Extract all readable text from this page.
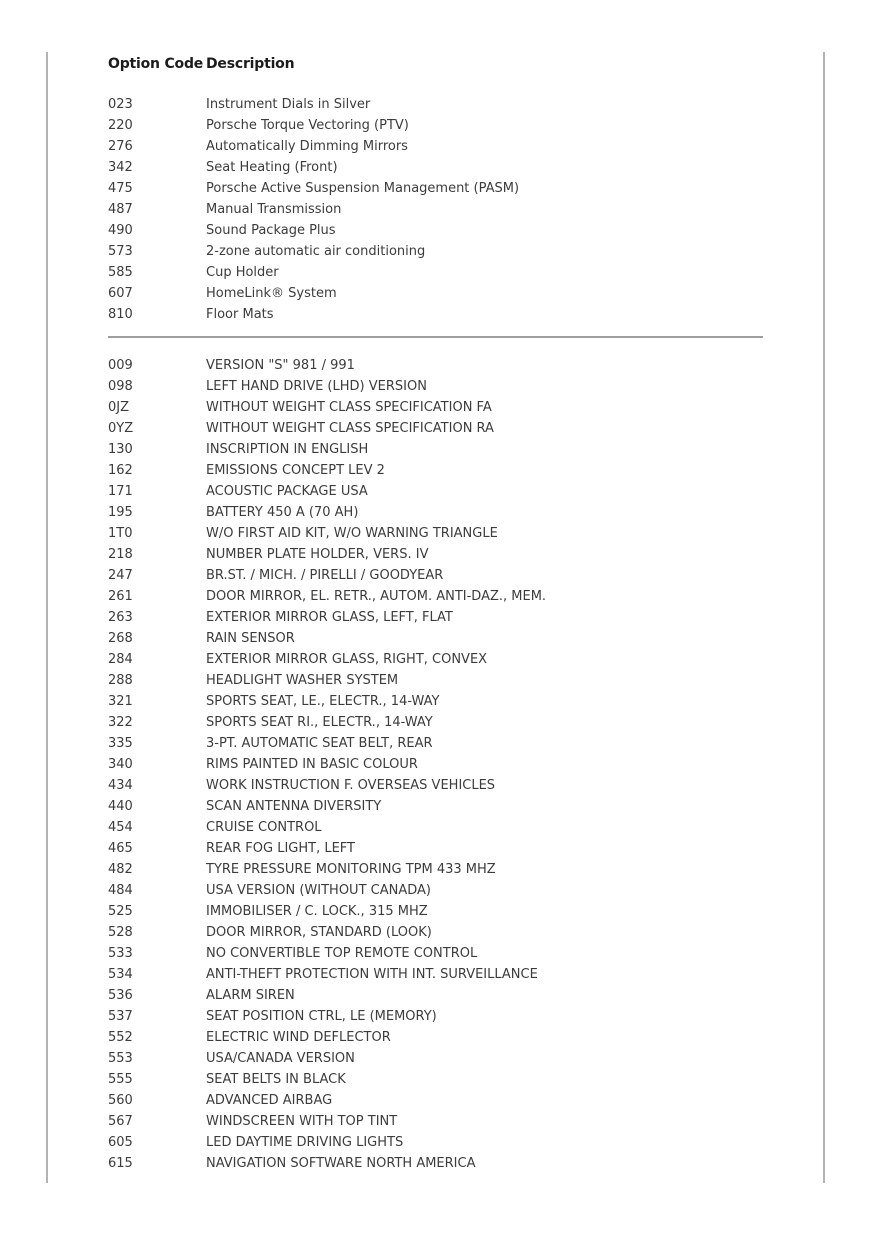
Option Code Description
023	Instrument Dials in Silver
220	Porsche Torque Vectoring (PTV)
276	Automatically Dimming Mirrors
342	Seat Heating (Front)
475	Porsche Active Suspension Management (PASM)
487	Manual Transmission
490	Sound Package Plus
573	2-zone automatic air conditioning
585	Cup Holder
607	HomeLink® System
810	Floor Mats
009	VERSION "S" 981 / 991
098	LEFT HAND DRIVE (LHD) VERSION
0JZ	WITHOUT WEIGHT CLASS SPECIFICATION FA
0YZ	WITHOUT WEIGHT CLASS SPECIFICATION RA
130	INSCRIPTION IN ENGLISH
162	EMISSIONS CONCEPT LEV 2
171	ACOUSTIC PACKAGE USA
195	BATTERY 450 A (70 AH)
1T0	W/O FIRST AID KIT, W/O WARNING TRIANGLE
218	NUMBER PLATE HOLDER, VERS. IV
247	BR.ST. / MICH. / PIRELLI / GOODYEAR
261	DOOR MIRROR, EL. RETR., AUTOM. ANTI-DAZ., MEM.
263	EXTERIOR MIRROR GLASS, LEFT, FLAT
268	RAIN SENSOR
284	EXTERIOR MIRROR GLASS, RIGHT, CONVEX
288	HEADLIGHT WASHER SYSTEM
321	SPORTS SEAT, LE., ELECTR., 14-WAY
322	SPORTS SEAT RI., ELECTR., 14-WAY
335	3-PT. AUTOMATIC SEAT BELT, REAR
340	RIMS PAINTED IN BASIC COLOUR
434	WORK INSTRUCTION F. OVERSEAS VEHICLES
440	SCAN ANTENNA DIVERSITY
454	CRUISE CONTROL
465	REAR FOG LIGHT, LEFT
482	TYRE PRESSURE MONITORING TPM 433 MHZ
484	USA VERSION (WITHOUT CANADA)
525	IMMOBILISER / C. LOCK., 315 MHZ
528	DOOR MIRROR, STANDARD (LOOK)
533	NO CONVERTIBLE TOP REMOTE CONTROL
534	ANTI-THEFT PROTECTION WITH INT. SURVEILLANCE
536	ALARM SIREN
537	SEAT POSITION CTRL, LE (MEMORY)
552	ELECTRIC WIND DEFLECTOR
553	USA/CANADA VERSION
555	SEAT BELTS IN BLACK
560	ADVANCED AIRBAG
567	WINDSCREEN WITH TOP TINT
605	LED DAYTIME DRIVING LIGHTS
615	NAVIGATION SOFTWARE NORTH AMERICA
